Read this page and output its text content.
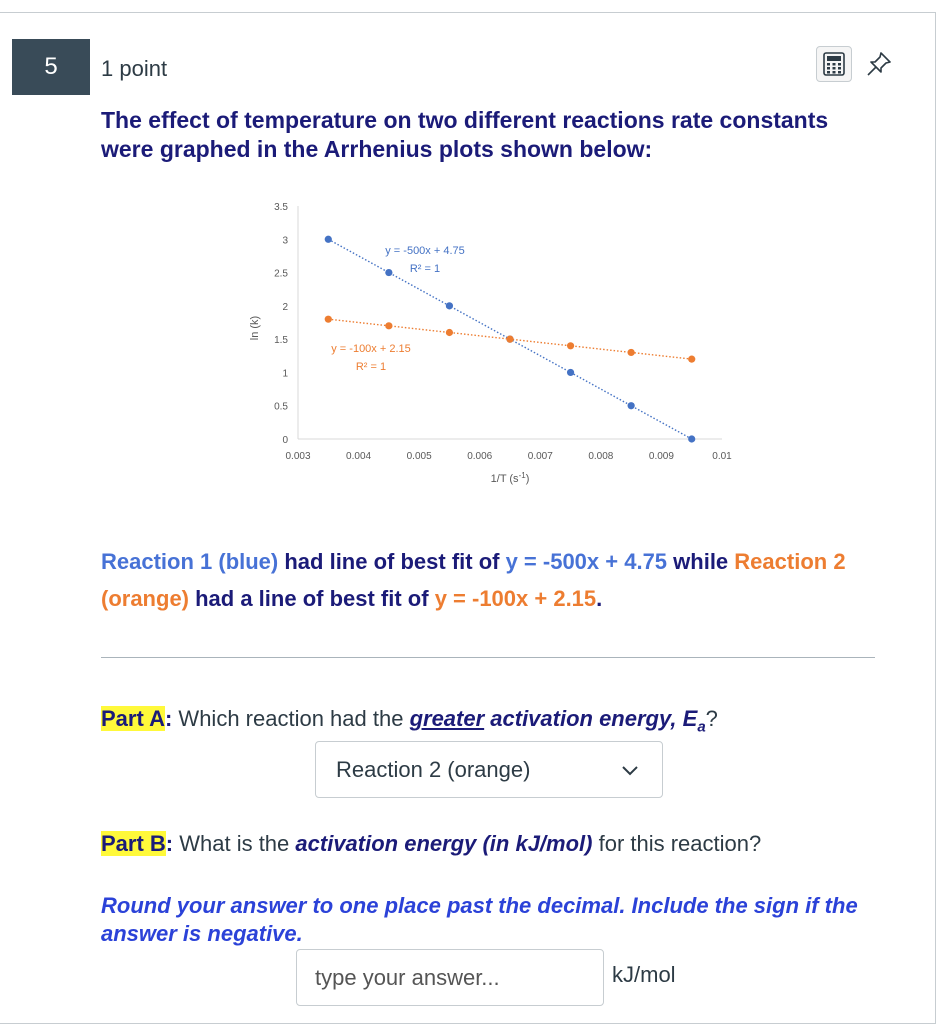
5	1 point

The effect of temperature on two different reactions rate constants were graphed in the Arrhenius plots shown below:

0
0.5
1
1.5
2
2.5
3
3.5
0.003	0.004	0.005	0.006	0.007	0.008	0.009	0.01
ln (k)
1/T $(s^{-1})$
y = -500x + 4.75
R² = 1
y = -100x + 2.15
R² = 1
Reaction 1 (blue) had line of best fit of y = -500x + 4.75 while Reaction 2 (orange) had a line of best fit of y = -100x + 2.15.
Part A: Which reaction had the greater activation energy, $E_a$?
Reaction 2 (orange)
Part B: What is the activation energy (in kJ/mol) for this reaction?
Round your answer to one place past the decimal. Include the sign if the answer is negative.
type your answer...
kJ/mol
